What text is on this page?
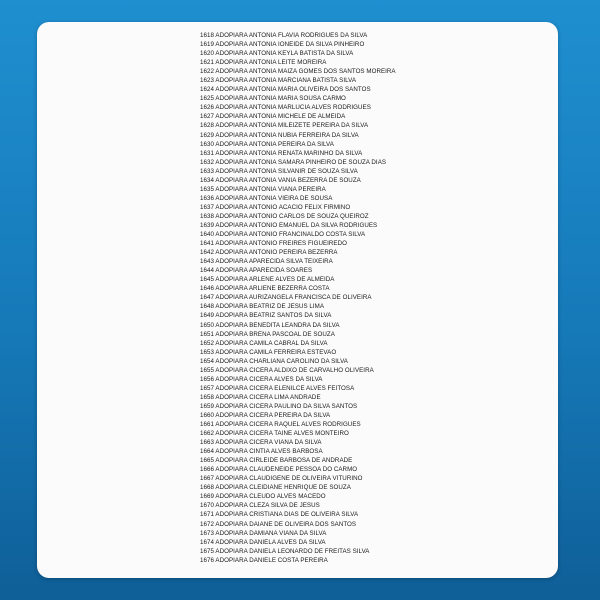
1618 ADOPIARA ANTONIA FLAVIA RODRIGUES DA SILVA
1619 ADOPIARA ANTONIA IONEIDE DA SILVA PINHEIRO
1620 ADOPIARA ANTONIA KEYLA BATISTA DA SILVA
1621 ADOPIARA ANTONIA LEITE MOREIRA
1622 ADOPIARA ANTONIA MAIZA GOMES DOS SANTOS MOREIRA
1623 ADOPIARA ANTONIA MARCIANA BATISTA SILVA
1624 ADOPIARA ANTONIA MARIA OLIVEIRA DOS SANTOS
1625 ADOPIARA ANTONIA MARIA SOUSA CARMO
1626 ADOPIARA ANTONIA MARLUCIA ALVES RODRIGUES
1627 ADOPIARA ANTONIA MICHELE DE ALMEIDA
1628 ADOPIARA ANTONIA MILEIZETE PEREIRA DA SILVA
1629 ADOPIARA ANTONIA NUBIA FERREIRA DA SILVA
1630 ADOPIARA ANTONIA PEREIRA DA SILVA
1631 ADOPIARA ANTONIA RENATA MARINHO DA SILVA
1632 ADOPIARA ANTONIA SAMARA PINHEIRO DE SOUZA DIAS
1633 ADOPIARA ANTONIA SILVANIR DE SOUZA SILVA
1634 ADOPIARA ANTONIA VANIA BEZERRA DE SOUZA
1635 ADOPIARA ANTONIA VIANA PEREIRA
1636 ADOPIARA ANTONIA VIEIRA DE SOUSA
1637 ADOPIARA ANTONIO ACACIO FELIX FIRMINO
1638 ADOPIARA ANTONIO CARLOS DE SOUZA QUEIROZ
1639 ADOPIARA ANTONIO EMANUEL DA SILVA RODRIGUES
1640 ADOPIARA ANTONIO FRANCINALDO COSTA SILVA
1641 ADOPIARA ANTONIO FREIRES FIGUEIREDO
1642 ADOPIARA ANTONIO PEREIRA BEZERRA
1643 ADOPIARA APARECIDA SILVA TEIXEIRA
1644 ADOPIARA APARECIDA SOARES
1645 ADOPIARA ARLENE ALVES DE ALMEIDA
1646 ADOPIARA ARLIENE BEZERRA COSTA
1647 ADOPIARA AURIZANGELA FRANCISCA DE OLIVEIRA
1648 ADOPIARA BEATRIZ DE JESUS LIMA
1649 ADOPIARA BEATRIZ SANTOS DA SILVA
1650 ADOPIARA BENEDITA LEANDRA DA SILVA
1651 ADOPIARA BRENA PASCOAL DE SOUZA
1652 ADOPIARA CAMILA CABRAL DA SILVA
1653 ADOPIARA CAMILA FERREIRA ESTEVAO
1654 ADOPIARA CHARLIANA CAROLINO DA SILVA
1655 ADOPIARA CICERA ALDIXO DE CARVALHO OLIVEIRA
1656 ADOPIARA CICERA ALVES DA SILVA
1657 ADOPIARA CICERA ELENILCE ALVES FEITOSA
1658 ADOPIARA CICERA LIMA ANDRADE
1659 ADOPIARA CICERA PAULINO DA SILVA SANTOS
1660 ADOPIARA CICERA PEREIRA DA SILVA
1661 ADOPIARA CICERA RAQUEL ALVES RODRIGUES
1662 ADOPIARA CICERA TAINE ALVES MONTEIRO
1663 ADOPIARA CICERA VIANA DA SILVA
1664 ADOPIARA CINTIA ALVES BARBOSA
1665 ADOPIARA CIRLEIDE BARBOSA DE ANDRADE
1666 ADOPIARA CLAUDENEIDE PESSOA DO CARMO
1667 ADOPIARA CLAUDIGENE DE OLIVEIRA VITURINO
1668 ADOPIARA CLEIDIANE HENRIQUE DE SOUZA
1669 ADOPIARA CLEUDO ALVES MACEDO
1670 ADOPIARA CLEZA SILVA DE JESUS
1671 ADOPIARA CRISTIANA DIAS DE OLIVEIRA SILVA
1672 ADOPIARA DAIANE DE OLIVEIRA DOS SANTOS
1673 ADOPIARA DAMIANA VIANA DA SILVA
1674 ADOPIARA DANIELA ALVES DA SILVA
1675 ADOPIARA DANIELA LEONARDO DE FREITAS SILVA
1676 ADOPIARA DANIELE COSTA PEREIRA
